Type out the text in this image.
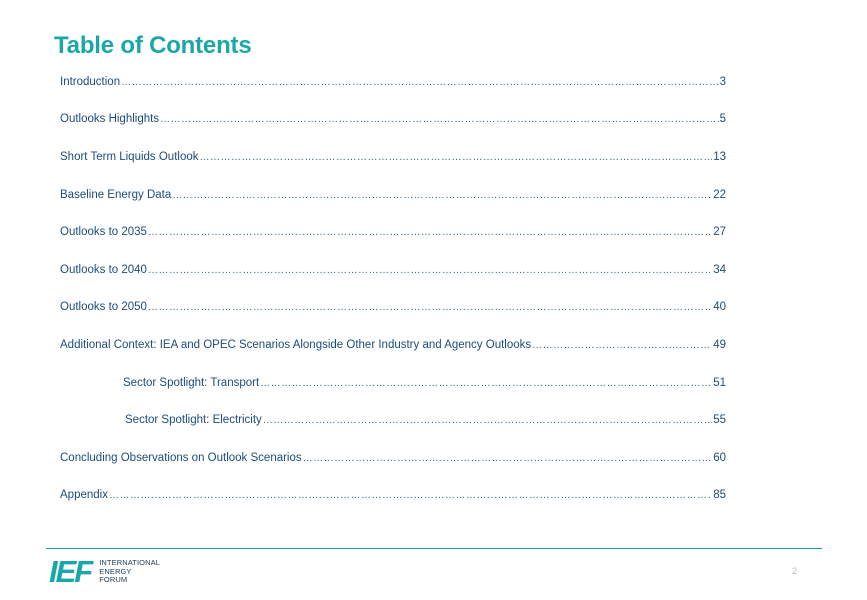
Table of Contents
Introduction ………………………………………………………………………………………………………………………………………………………………………………………………	3
Outlooks Highlights ………………………………………………………………………………………………………………………………………………………………………………………………	5
Short Term Liquids Outlook ………………………………………………………………………………………………………………………………………………………………………………………………	13
Baseline Energy Data ………………………………………………………………………………………………………………………………………………………………………………………………	22
Outlooks to 2035 ………………………………………………………………………………………………………………………………………………………………………………………………	27
Outlooks to 2040 ………………………………………………………………………………………………………………………………………………………………………………………………	34
Outlooks to 2050 ………………………………………………………………………………………………………………………………………………………………………………………………	40
Additional Context: IEA and OPEC Scenarios Alongside Other Industry and Agency Outlooks ………………………………………………………………………………………………………………………………………………………………………………………………	49
Sector Spotlight: Transport ………………………………………………………………………………………………………………………………………………………………………………………………	51
Sector Spotlight: Electricity ………………………………………………………………………………………………………………………………………………………………………………………………	55
Concluding Observations on Outlook Scenarios ………………………………………………………………………………………………………………………………………………………………………………………………	60
Appendix ………………………………………………………………………………………………………………………………………………………………………………………………	85
IEF INTERNATIONAL
ENERGY
FORUM
2
